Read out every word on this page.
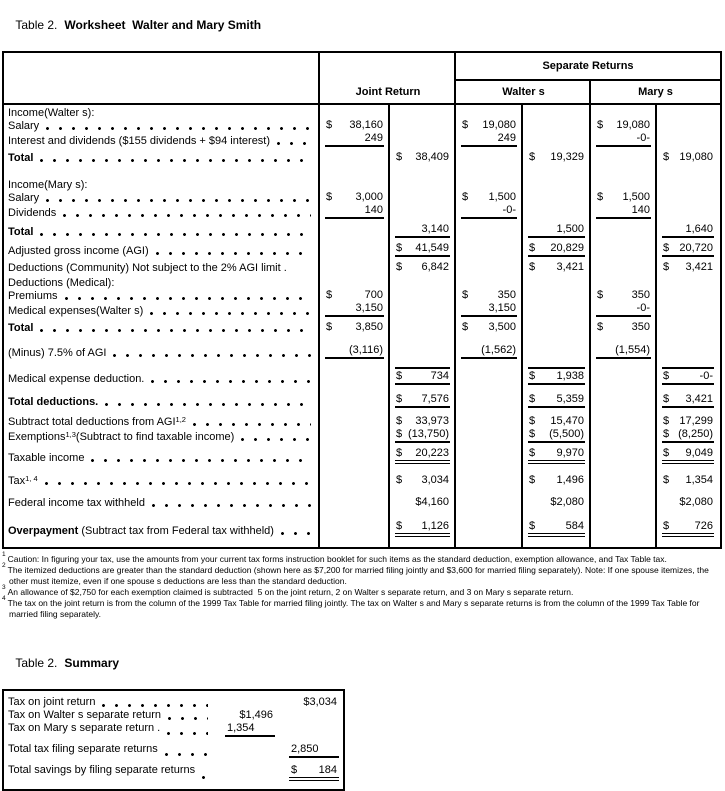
Table 2. Worksheet  Walter and Mary Smith

Joint Return
Separate Returns
Walter s	Mary s
Income(Walter s):
Salary	$ 38,160	$ 19,080	$ 19,080
Interest and dividends ($155 dividends + $94 interest)	249	249	-0-
Total	$ 38,409	$ 19,329	$ 19,080
Income(Mary s):
Salary	$ 3,000	$ 1,500	$ 1,500
Dividends	140	-0-	140
Total	3,140	1,500	1,640
Adjusted gross income (AGI)	$ 41,549	$ 20,829	$ 20,720
Deductions (Community) Not subject to the 2% AGI limit .	$ 6,842	$ 3,421	$ 3,421
Deductions (Medical):
Premiums	$	700	$	350	$	350
Medical expenses(Walter s)	3,150	3,150	-0-
Total	$ 3,850	$ 3,500	$	350
(Minus) 7.5% of AGI	(3,116)	(1,562)	(1,554)
Medical expense deduction.	$	734	$ 1,938	$	-0-
Total deductions.	$ 7,576	$ 5,359	$ 3,421
Subtract total deductions from AGI$^{1,2}$	$ 33,973	$ 15,470	$ 17,299
Exemptions$^{1,3}$ (Subtract to find taxable income)	$ (13,750)	$ (5,500)	$ (8,250)
Taxable income	$ 20,223	$ 9,970	$ 9,049
Tax$^{1, 4}$	$ 3,034	$ 1,496	$ 1,354
Federal income tax withheld	$4,160	$2,080	$2,080
Overpayment (Subtract tax from Federal tax withheld)	$ 1,126	$	584	$ 726
$^1$ Caution: In figuring your tax, use the amounts from your current tax forms instruction booklet for such items as the standard deduction, exemption allowance, and Tax Table tax.
$^2$ The itemized deductions are greater than the standard deduction (shown here as $7,200 for married filing jointly and $3,600 for married filing separately). Note: If one spouse itemizes, the other must itemize, even if one spouse s deductions are less than the standard deduction.
$^3$ An allowance of $2,750 for each exemption claimed is subtracted  5 on the joint return, 2 on Walter s separate return, and 3 on Mary s separate return.
$^4$ The tax on the joint return is from the column of the 1999 Tax Table for married filing jointly. The tax on Walter s and Mary s separate returns is from the column of the 1999 Tax Table for married filing separately.

Table 2. Summary

Tax on joint return	$3,034
Tax on Walter s separate return	$1,496
Tax on Mary s separate return .	1,354
Total tax filing separate returns	2,850
Total savings by filing separate returns	$ 184
